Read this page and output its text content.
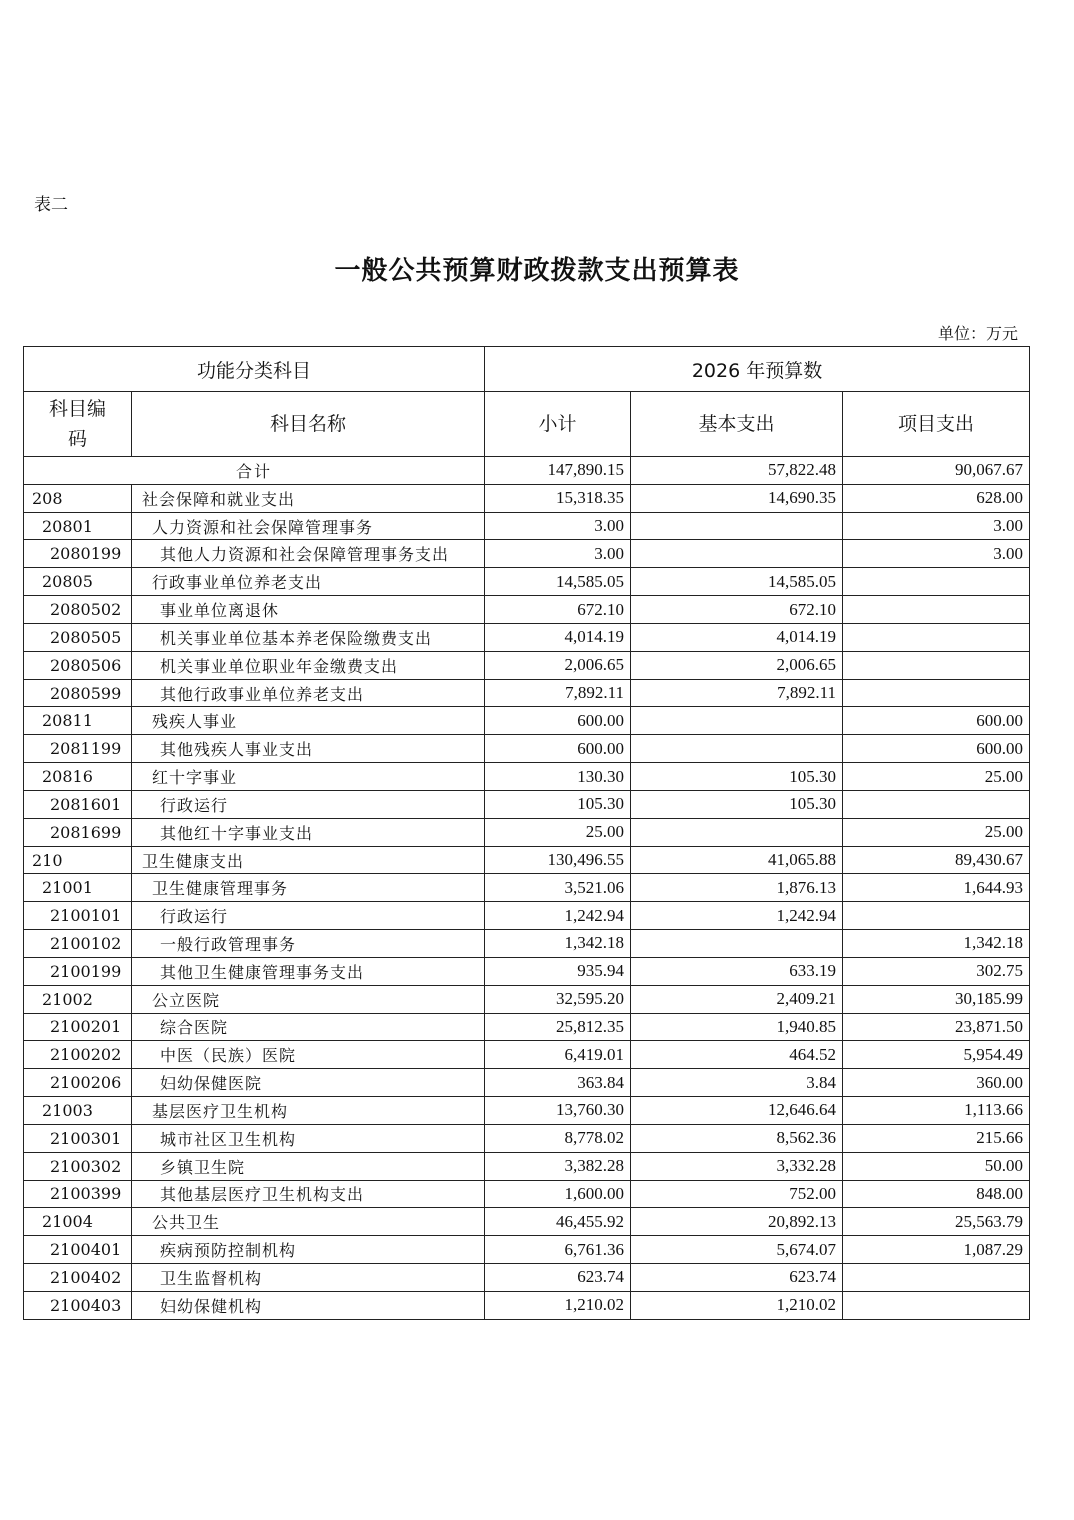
表二
一般公共预算财政拨款支出预算表
单位：万元
功能分类科目		2026 年预算数		
科目编码	科目名称	小计	基本支出	项目支出
合计		147,890.15	57,822.48	90,067.67
208	社会保障和就业支出	15,318.35	14,690.35	628.00
20801	人力资源和社会保障管理事务	3.00		3.00
2080199	其他人力资源和社会保障管理事务支出	3.00		3.00
20805	行政事业单位养老支出	14,585.05	14,585.05	
2080502	事业单位离退休	672.10	672.10	
2080505	机关事业单位基本养老保险缴费支出	4,014.19	4,014.19	
2080506	机关事业单位职业年金缴费支出	2,006.65	2,006.65	
2080599	其他行政事业单位养老支出	7,892.11	7,892.11	
20811	残疾人事业	600.00		600.00
2081199	其他残疾人事业支出	600.00		600.00
20816	红十字事业	130.30	105.30	25.00
2081601	行政运行	105.30	105.30	
2081699	其他红十字事业支出	25.00		25.00
210	卫生健康支出	130,496.55	41,065.88	89,430.67
21001	卫生健康管理事务	3,521.06	1,876.13	1,644.93
2100101	行政运行	1,242.94	1,242.94	
2100102	一般行政管理事务	1,342.18		1,342.18
2100199	其他卫生健康管理事务支出	935.94	633.19	302.75
21002	公立医院	32,595.20	2,409.21	30,185.99
2100201	综合医院	25,812.35	1,940.85	23,871.50
2100202	中医（民族）医院	6,419.01	464.52	5,954.49
2100206	妇幼保健医院	363.84	3.84	360.00
21003	基层医疗卫生机构	13,760.30	12,646.64	1,113.66
2100301	城市社区卫生机构	8,778.02	8,562.36	215.66
2100302	乡镇卫生院	3,382.28	3,332.28	50.00
2100399	其他基层医疗卫生机构支出	1,600.00	752.00	848.00
21004	公共卫生	46,455.92	20,892.13	25,563.79
2100401	疾病预防控制机构	6,761.36	5,674.07	1,087.29
2100402	卫生监督机构	623.74	623.74	
2100403	妇幼保健机构	1,210.02	1,210.02	
